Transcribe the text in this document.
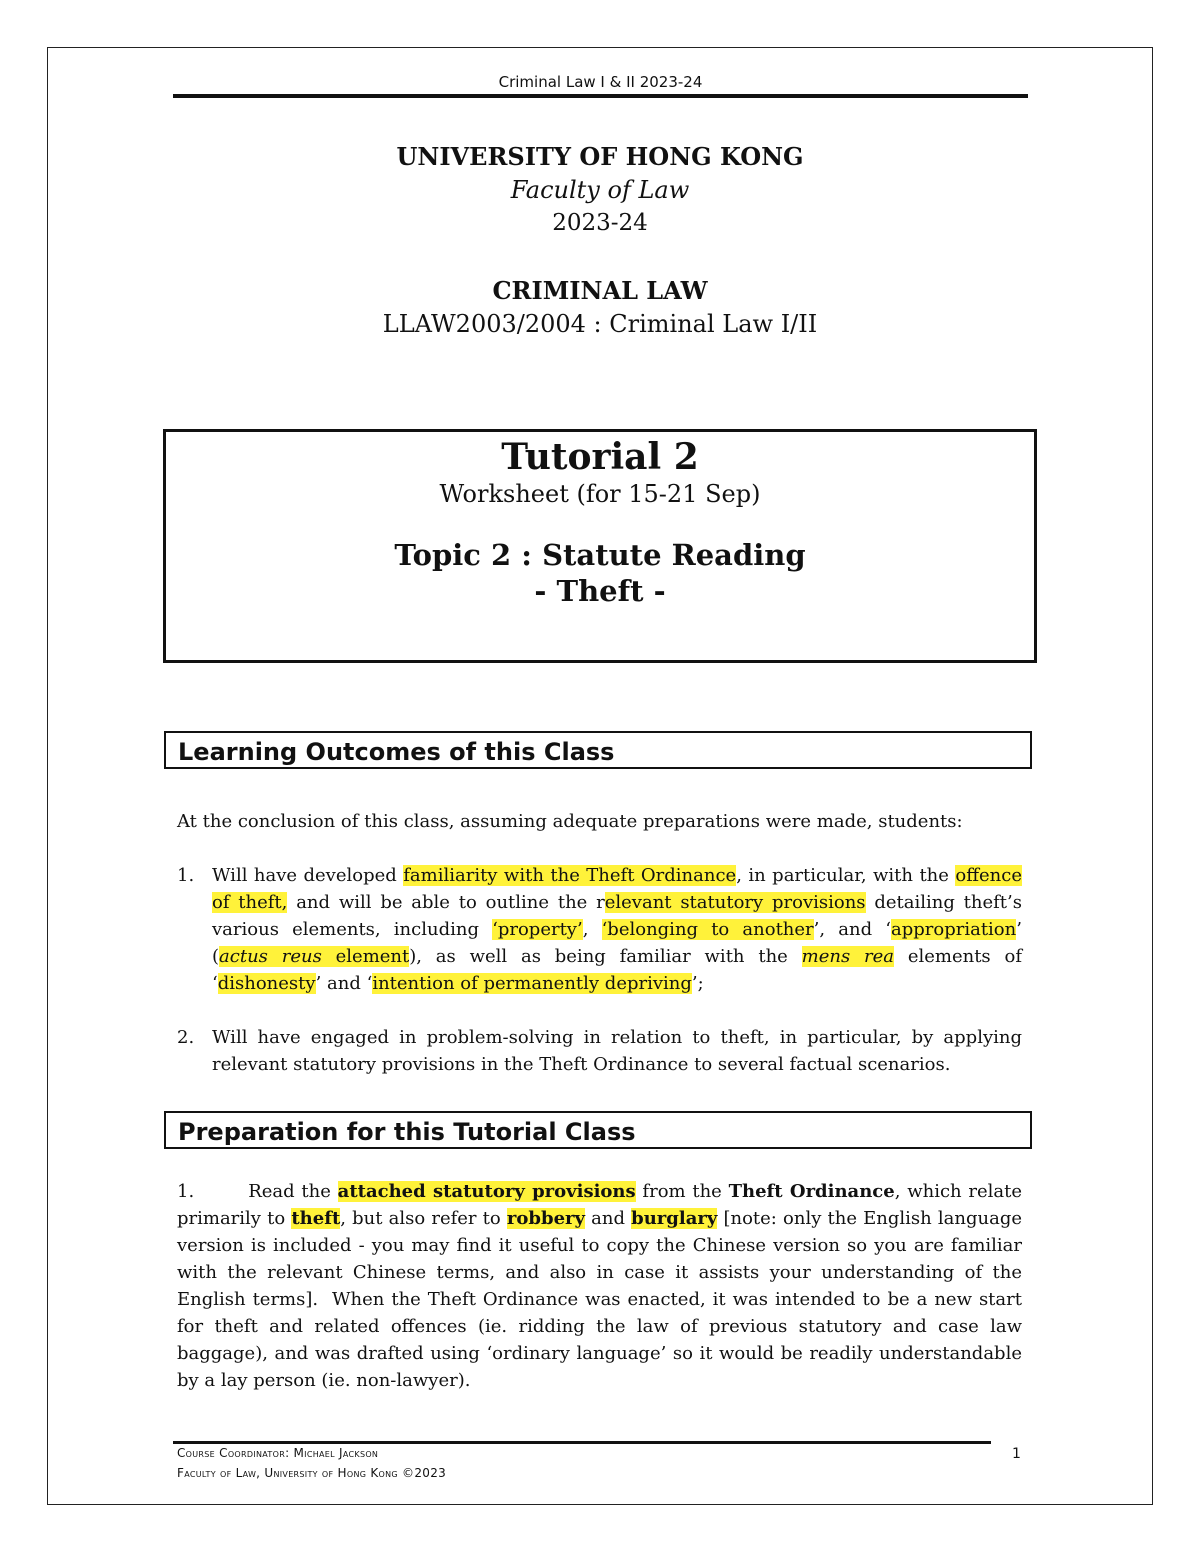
Criminal Law I & II 2023-24
UNIVERSITY OF HONG KONG
Faculty of Law
2023-24
CRIMINAL LAW
LLAW2003/2004 : Criminal Law I/II
Tutorial 2
Worksheet (for 15-21 Sep)
Topic 2 : Statute Reading
- Theft -
Learning Outcomes of this Class
At the conclusion of this class, assuming adequate preparations were made, students:
1. Will have developed familiarity with the Theft Ordinance, in particular, with the offence of theft, and will be able to outline the relevant statutory provisions detailing theft’s various elements, including ‘property’, ‘belonging to another’, and ‘appropriation’ (actus reus element), as well as being familiar with the mens rea elements of ‘dishonesty’ and ‘intention of permanently depriving’;
2. Will have engaged in problem-solving in relation to theft, in particular, by applying relevant statutory provisions in the Theft Ordinance to several factual scenarios.
Preparation for this Tutorial Class
1.        Read the attached statutory provisions from the Theft Ordinance, which relate primarily to theft, but also refer to robbery and burglary [note: only the English language version is included - you may find it useful to copy the Chinese version so you are familiar with the relevant Chinese terms, and also in case it assists your understanding of the English terms].  When the Theft Ordinance was enacted, it was intended to be a new start for theft and related offences (ie. ridding the law of previous statutory and case law baggage), and was drafted using ‘ordinary language’ so it would be readily understandable by a lay person (ie. non-lawyer).
Course Coordinator: Michael Jackson
Faculty of Law, University of Hong Kong ©2023
1
